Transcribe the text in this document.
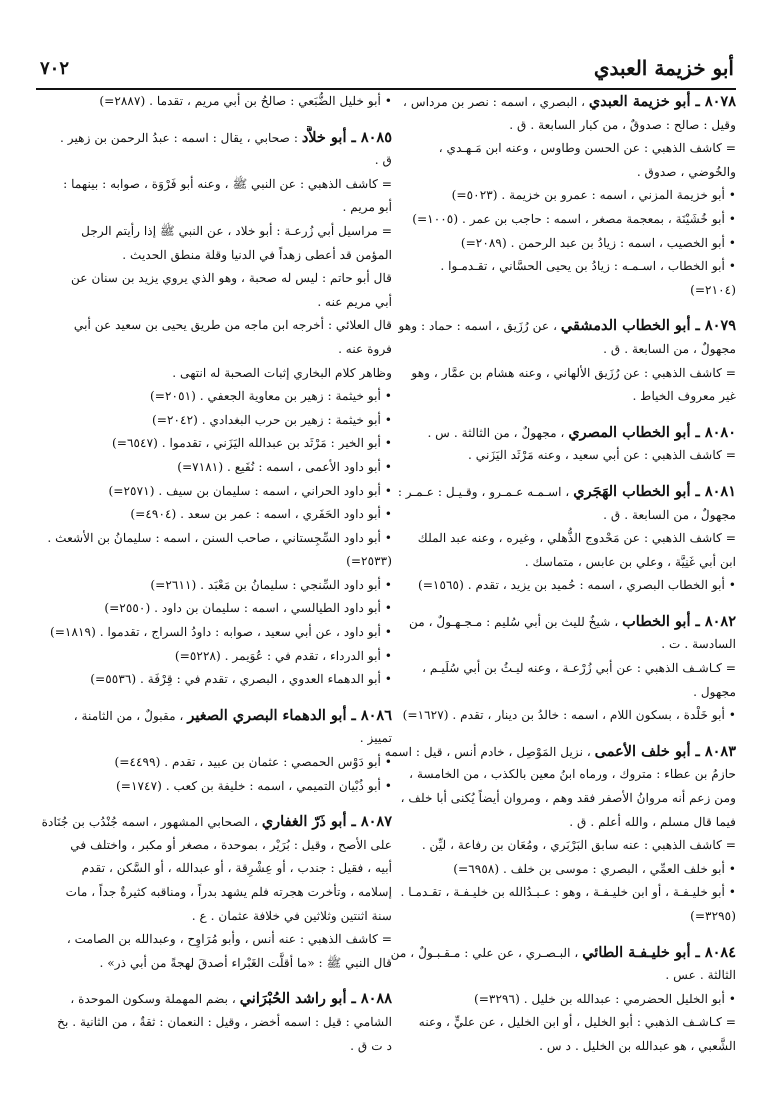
أبو خزيمة العبدي
٧٠٢
٨٠٧٨ ـ أبو خزيمة العبدي ، البصري ، اسمه : نصر بن مرداس ،
وقيل : صالح : صدوقٌ ، من كبار السابعة . ق .
= كاشف الذهبي : عن الحسن وطاوس ، وعنه ابن مَـهـدي ،
والخُوضي ، صدوق .
• أبو خزيمة المزني ، اسمه : عمرو بن خزيمة . (٥٠٢٣=)
• أبو خُشَيْنَة ، بمعجمة مصغر ، اسمه : حاجب بن عمر . (١٠٠٥=)
• أبو الخصيب ، اسمه : زيادُ بن عبد الرحمن . (٢٠٨٩=)
• أبو الخطاب ، اسـمـه : زيادُ بن يحيى الحسَّاني ، تقـدمـوا .
(٢١٠٤=)
٨٠٧٩ ـ أبو الخطاب الدمشقي ، عن رُزَيق ، اسمه : حماد : وهو
مجهولٌ ، من السابعة . ق .
= كاشف الذهبي : عن رُزَيق الألهاني ، وعنه هشام بن عمَّار ، وهو
غير معروف الخياط .
٨٠٨٠ ـ أبو الخطاب المصري ، مجهولٌ ، من الثالثة . س .
= كاشف الذهبي : عن أبي سعيد ، وعنه مَرْثَد اليَزَني .
٨٠٨١ ـ أبو الخطاب الهَجَري ، اسـمـه عـمـرو ، وقـيـل : عـمـر :
مجهولٌ ، من السابعة . ق .
= كاشف الذهبي : عن مَحْدوج الذُّهلي ، وغيره ، وعنه عبد الملك
ابن أبي غَنِيَّة ، وعلي بن عابس ، متماسك .
• أبو الخطاب البصري ، اسمه : حُميد بن يزيد ، تقدم . (١٥٦٥=)
٨٠٨٢ ـ أبو الخطاب ، شيخٌ لليث بن أبي سُليم : مـجـهـولٌ ، من
السادسة . ت .
= كـاشـف الذهبي : عن أبي زُرْعـة ، وعنه ليـثُ بن أبي سُلَيـم ،
مجهول .
• أبو خَلْدة ، بسكون اللام ، اسمه : خالدُ بن دينار ، تقدم . (١٦٢٧=)
٨٠٨٣ ـ أبو خلف الأعمى ، نزيل المَوْصِل ، خادم أنس ، قيل : اسمه
حازمُ بن عطاء : متروك ، ورماه ابنُ معين بالكذب ، من الخامسة ،
ومن زعم أنه مروانُ الأصفر فقد وهم ، ومروان أيضاً يُكنى أبا خلف ،
فيما قال مسلم ، والله أعلم . ق .
= كاشف الذهبي : عنه سابق البَرْبَري ، ومُعَان بن رفاعة ، ليِّن .
• أبو خلف العمِّي ، البصري : موسى بن خلف . (٦٩٥٨=)
• أبو خليـفـة ، أو ابن خليـفـة ، وهو : عـبـدُالله بن خليـفـة ، تقـدمـا .
(٣٢٩٥=)
٨٠٨٤ ـ أبو خليـفـة الطائي ، البـصـري ، عن علي : مـقـبـولٌ ، من
الثالثة . عس .
• أبو الخليل الحضرمي : عبدالله بن خليل . (٣٢٩٦=)
= كـاشـف الذهبي : أبو الخليل ، أو ابن الخليل ، عن عليٍّ ، وعنه
الشَّعبي ، هو عبدالله بن الخليل . د س .
• أبو خليل الضُّبَعي : صالحُ بن أبي مريم ، تقدما . (٢٨٨٧=)
٨٠٨٥ ـ أبو خلاَّد : صحابي ، يقال : اسمه : عبدُ الرحمن بن زهير .
ق .
= كاشف الذهبي : عن النبي ﷺ ، وعنه أبو فَرْوَة ، صوابه : بينهما :
أبو مريم .
= مراسيل أبي زُرعـة : أبو خلاد ، عن النبي ﷺ إذا رأيتم الرجل
المؤمن قد أعطى زهداً في الدنيا وقلة منطق الحديث .
قال أبو حاتم : ليس له صحبة ، وهو الذي يروي يزيد بن سنان عن
أبي مريم عنه .
قال العلائي : أخرجه ابن ماجه من طريق يحيى بن سعيد عن أبي
فروة عنه .
وظاهر كلام البخاري إثبات الصحبة له انتهى .
• أبو خيثمة : زهير بن معاوية الجعفي . (٢٠٥١=)
• أبو خيثمة : زهير بن حرب البغدادي . (٢٠٤٢=)
• أبو الخير : مَرْثَد بن عبدالله اليَزَني ، تقدموا . (٦٥٤٧=)
• أبو داود الأعمى ، اسمه : نُفَيع . (٧١٨١=)
• أبو داود الحراني ، اسمه : سليمان بن سيف . (٢٥٧١=)
• أبو داود الحَفَري ، اسمه : عمر بن سعد . (٤٩٠٤=)
• أبو داود السِّجِستاني ، صاحب السنن ، اسمه : سليمانُ بن الأشعث .
(٢٥٣٣=)
• أبو داود السِّنجي : سليمانُ بن مَعْبَد . (٢٦١١=)
• أبو داود الطيالسي ، اسمه : سليمان بن داود . (٢٥٥٠=)
• أبو داود ، عن أبي سعيد ، صوابه : داودُ السراج ، تقدموا . (١٨١٩=)
• أبو الدرداء ، تقدم في : عُوَيمر . (٥٢٢٨=)
• أبو الدهماء العدوي ، البصري ، تقدم في : قِرْفَة . (٥٥٣٦=)
٨٠٨٦ ـ أبو الدهماء البصري الصغير ، مقبولٌ ، من الثامنة ،
تمييز .
• أبو دَوْس الحمصي : عثمان بن عبيد ، تقدم . (٤٤٩٩=)
• أبو ذُبْيان التميمي ، اسمه : خليفة بن كعب . (١٧٤٧=)
٨٠٨٧ ـ أبو ذَرّ الغفاري ، الصحابي المشهور ، اسمه جُنْدُب بن جُنَادة
على الأصح ، وقيل : بُرَيْر ، بموحدة ، مصغر أو مكبر ، واختلف في
أبيه ، فقيل : جندب ، أو عِشْرِقة ، أو عبدالله ، أو السَّكن ، تقدم
إسلامه ، وتأخرت هجرته فلم يشهد بدراً ، ومناقبه كثيرةٌ جداً ، مات
سنة اثنتين وثلاثين في خلافة عثمان . ع .
= كاشف الذهبي : عنه أنس ، وأبو مُرَاوِح ، وعبدالله بن الصامت ،
قال النبي ﷺ : «ما أقلَّت الغَبْراء أصدقَ لهجةً من أبي ذر» .
٨٠٨٨ ـ أبو راشد الحُبْرَاني ، بضم المهملة وسكون الموحدة ،
الشامي : قيل : اسمه أخضر ، وقيل : النعمان : ثقةٌ ، من الثانية . بخ
د ت ق .
